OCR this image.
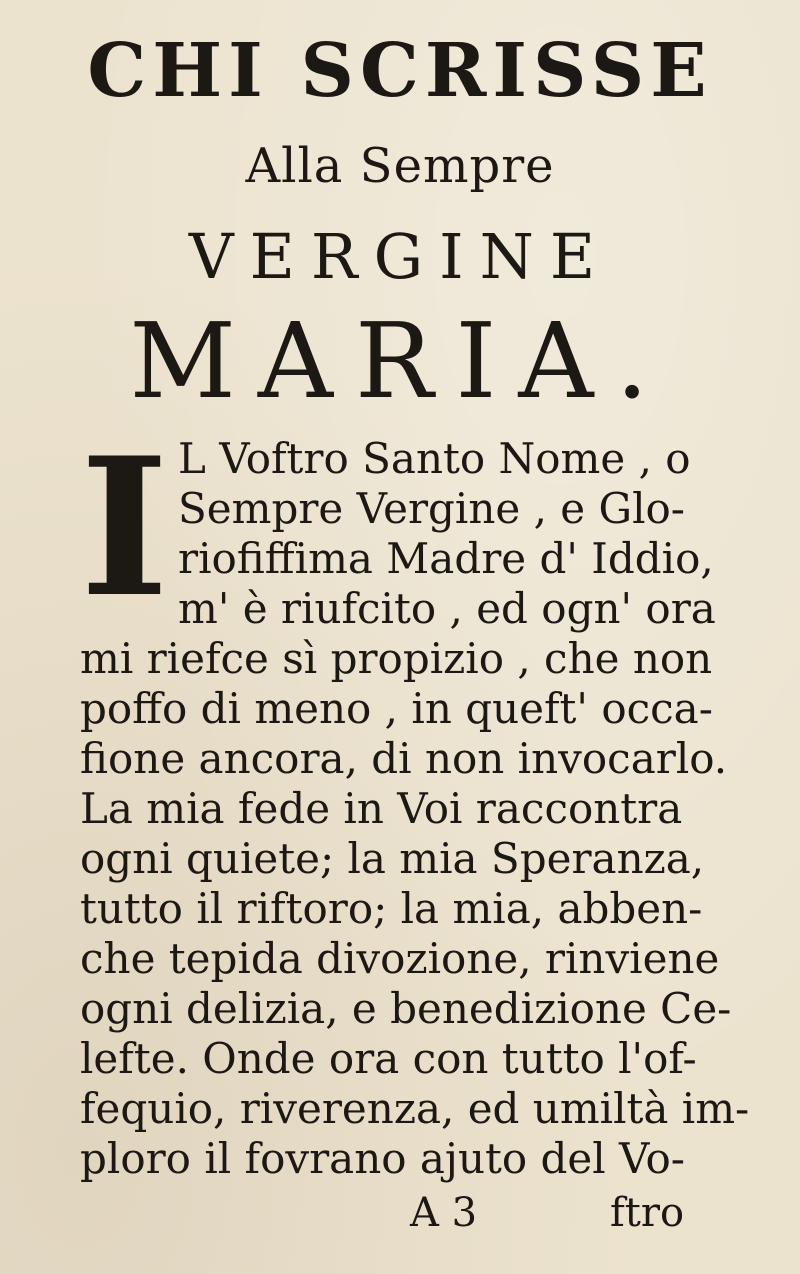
CHI SCRISSE
Alla Sempre
VERGINE
MARIA.
I L Voftro Santo Nome , o
Sempre Vergine , e Glo-
riofiffima Madre d' Iddio,
m' è riufcito , ed ogn' ora
mi riefce sì propizio , che non
poffo di meno , in queft' occa-
fione ancora, di non invocarlo.
La mia fede in Voi raccontra
ogni quiete; la mia Speranza,
tutto il riftoro; la mia, abben-
che tepida divozione, rinviene
ogni delizia, e benedizione Ce-
lefte. Onde ora con tutto l'of-
fequio, riverenza, ed umiltà im-
ploro il fovrano ajuto del Vo-
A 3	ftro
